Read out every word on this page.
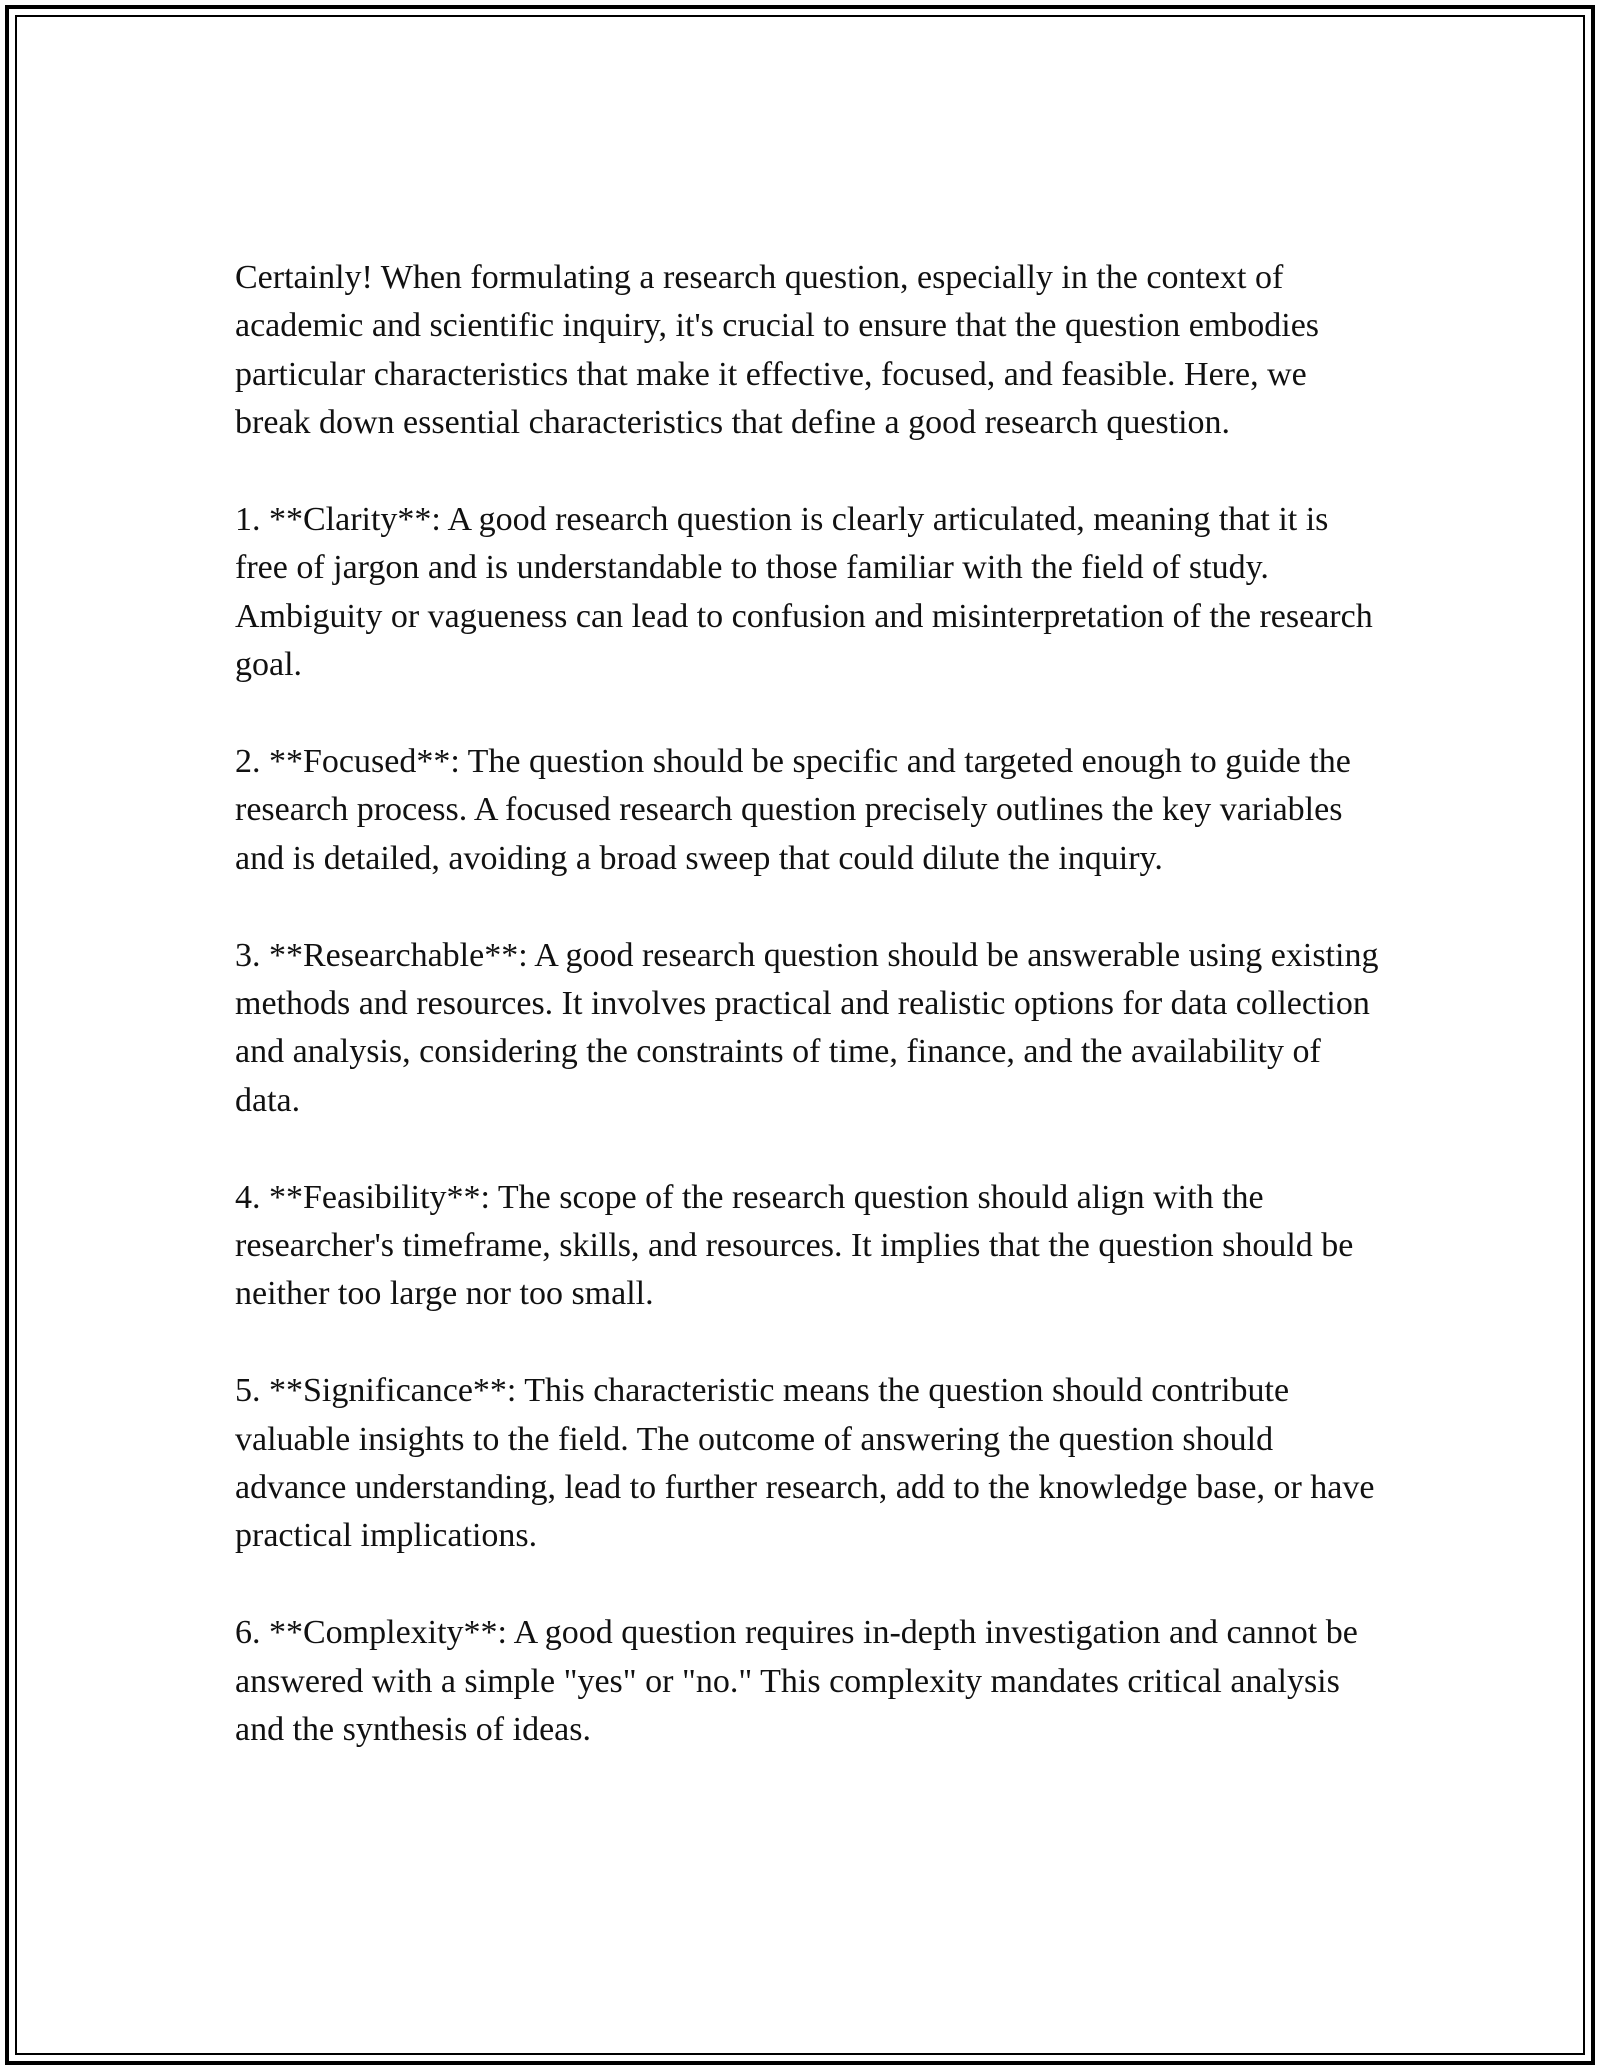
Certainly! When formulating a research question, especially in the context of academic and scientific inquiry, it's crucial to ensure that the question embodies particular characteristics that make it effective, focused, and feasible. Here, we break down essential characteristics that define a good research question.

1. **Clarity**: A good research question is clearly articulated, meaning that it is free of jargon and is understandable to those familiar with the field of study. Ambiguity or vagueness can lead to confusion and misinterpretation of the research goal.

2. **Focused**: The question should be specific and targeted enough to guide the research process. A focused research question precisely outlines the key variables and is detailed, avoiding a broad sweep that could dilute the inquiry.

3. **Researchable**: A good research question should be answerable using existing methods and resources. It involves practical and realistic options for data collection and analysis, considering the constraints of time, finance, and the availability of data.

4. **Feasibility**: The scope of the research question should align with the researcher's timeframe, skills, and resources. It implies that the question should be neither too large nor too small.

5. **Significance**: This characteristic means the question should contribute valuable insights to the field. The outcome of answering the question should advance understanding, lead to further research, add to the knowledge base, or have practical implications.

6. **Complexity**: A good question requires in-depth investigation and cannot be answered with a simple "yes" or "no." This complexity mandates critical analysis and the synthesis of ideas.
